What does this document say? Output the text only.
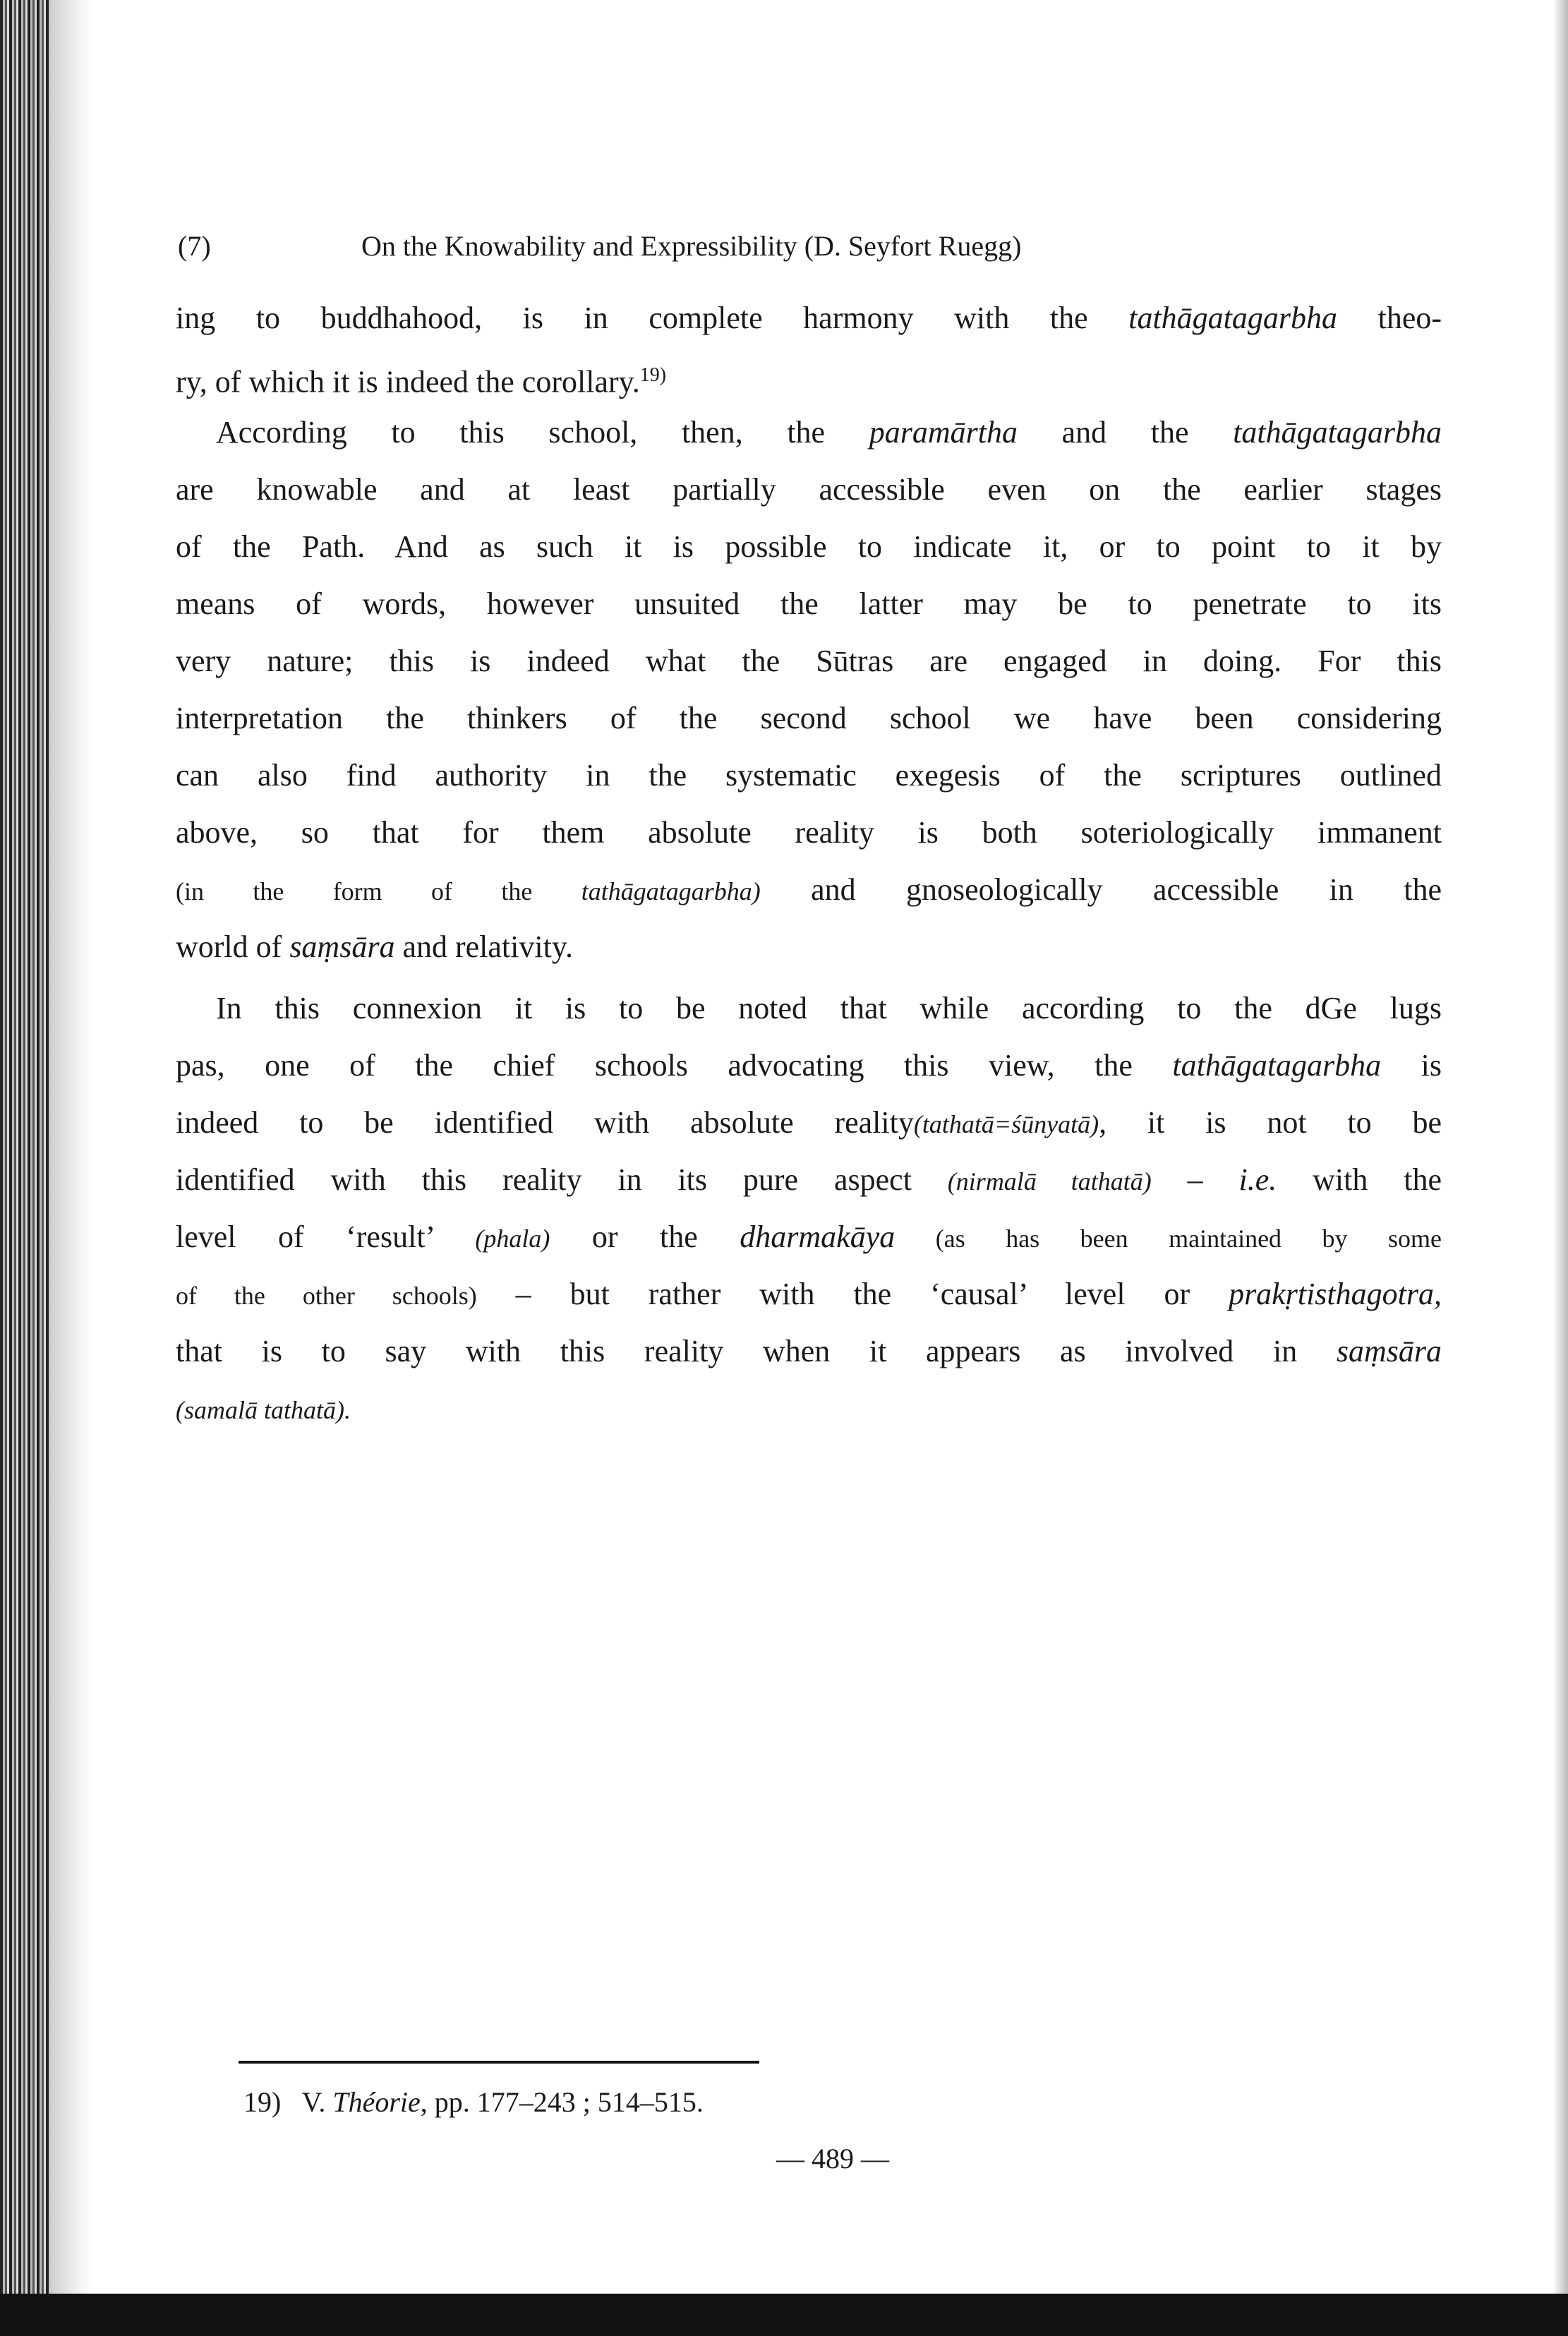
(7)	On the Knowability and Expressibility (D. Seyfort Ruegg)
ing to buddhahood, is in complete harmony with the tathāgatagarbha theo-
ry, of which it is indeed the corollary.$^{19)}$
According to this school, then, the paramārtha and the tathāgatagarbha
are knowable and at least partially accessible even on the earlier stages
of the Path. And as such it is possible to indicate it, or to point to it by
means of words, however unsuited the latter may be to penetrate to its
very nature; this is indeed what the Sūtras are engaged in doing. For this
interpretation the thinkers of the second school we have been considering
can also find authority in the systematic exegesis of the scriptures outlined
above, so that for them absolute reality is both soteriologically immanent
(in the form of the tathāgatagarbha) and gnoseologically accessible in the
world of saṃsāra and relativity.
In this connexion it is to be noted that while according to the dGe lugs
pas, one of the chief schools advocating this view, the tathāgatagarbha is
indeed to be identified with absolute reality(tathatā=śūnyatā), it is not to be
identified with this reality in its pure aspect (nirmalā tathatā) – i.e. with the
level of ‘result’ (phala) or the dharmakāya (as has been maintained by some
of the other schools) – but rather with the ‘causal’ level or prakṛtisthagotra,
that is to say with this reality when it appears as involved in saṃsāra
(samalā tathatā).
19) V. Théorie, pp. 177–243 ; 514–515.
— 489 —
